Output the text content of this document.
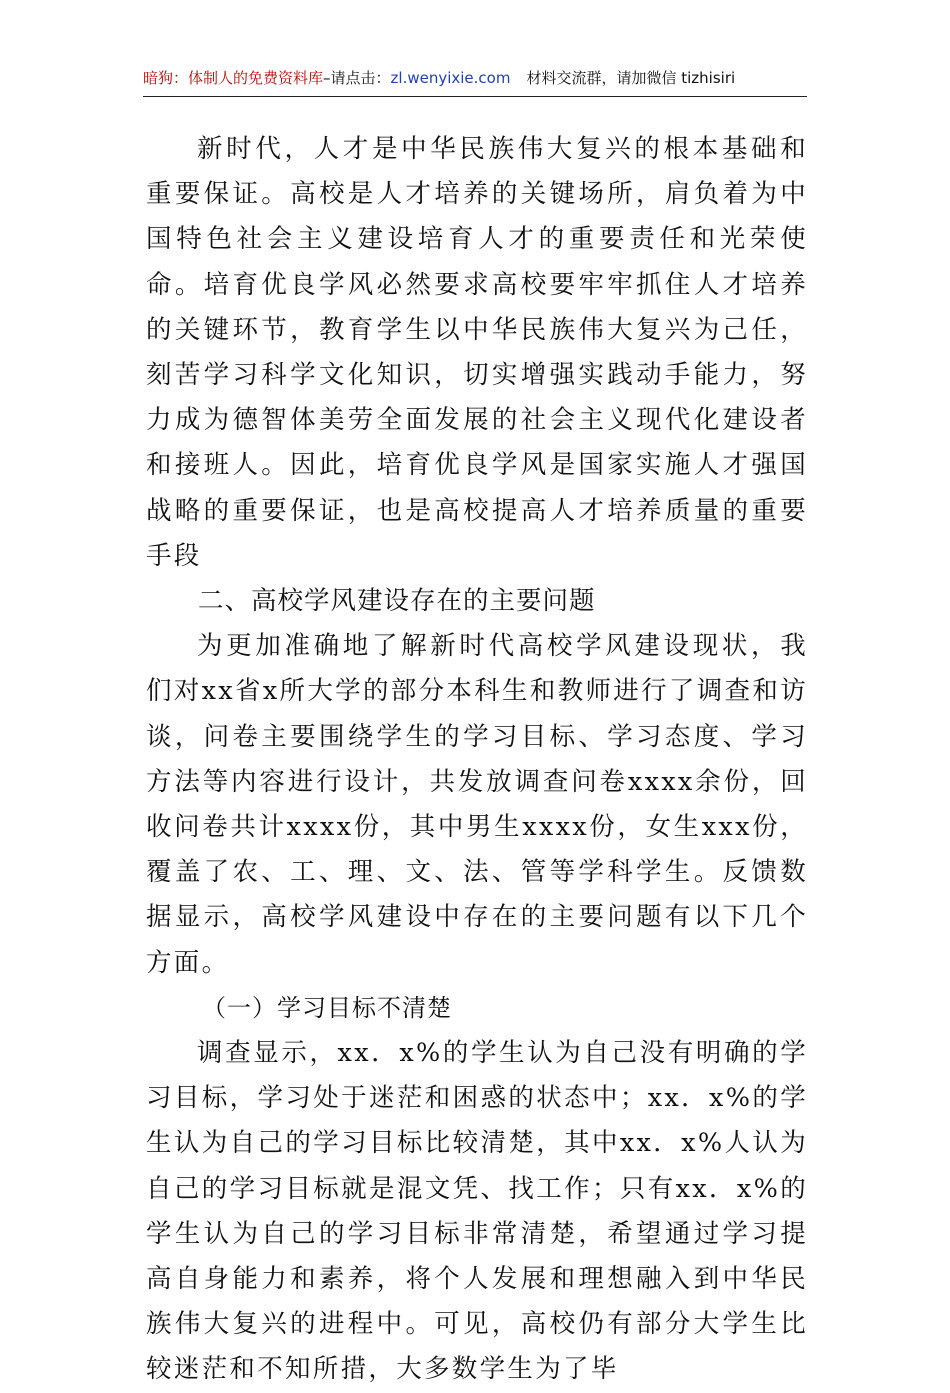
暗狗：体制人的免费资料库–请点击：zl.wenyixie.com 材料交流群，请加微信 tizhisiri

新时代，人才是中华民族伟大复兴的根本基础和重要保证。高校是人才培养的关键场所，肩负着为中国特色社会主义建设培育人才的重要责任和光荣使命。培育优良学风必然要求高校要牢牢抓住人才培养的关键环节，教育学生以中华民族伟大复兴为己任，刻苦学习科学文化知识，切实增强实践动手能力，努力成为德智体美劳全面发展的社会主义现代化建设者和接班人。因此，培育优良学风是国家实施人才强国战略的重要保证，也是高校提高人才培养质量的重要手段

二、高校学风建设存在的主要问题

为更加准确地了解新时代高校学风建设现状，我们对xx省x所大学的部分本科生和教师进行了调查和访谈，问卷主要围绕学生的学习目标、学习态度、学习方法等内容进行设计，共发放调查问卷xxxx余份，回收问卷共计xxxx份，其中男生xxxx份，女生xxx份，覆盖了农、工、理、文、法、管等学科学生。反馈数据显示，高校学风建设中存在的主要问题有以下几个方面。

（一）学习目标不清楚

调查显示，xx．x%的学生认为自己没有明确的学习目标，学习处于迷茫和困惑的状态中；xx．x%的学生认为自己的学习目标比较清楚，其中xx．x%人认为自己的学习目标就是混文凭、找工作；只有xx．x%的学生认为自己的学习目标非常清楚，希望通过学习提高自身能力和素养，将个人发展和理想融入到中华民族伟大复兴的进程中。可见，高校仍有部分大学生比较迷茫和不知所措，大多数学生为了毕
